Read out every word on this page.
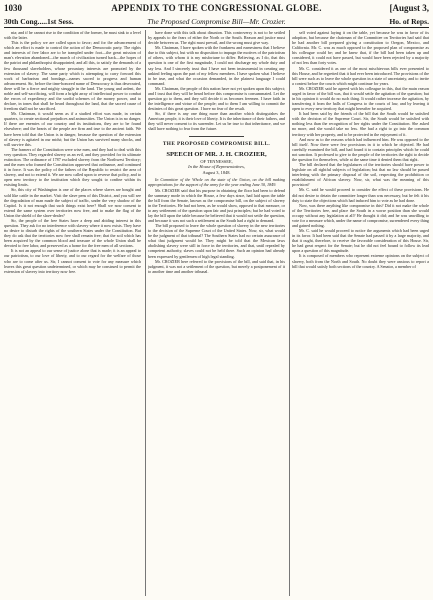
1030	APPENDIX TO THE CONGRESSIONAL GLOBE.	[August 3,
30th Cong.....1st Sess.	The Proposed Compromise Bill—Mr. Crozier.	Ho. of Reps.

nia; and if he cannot rise to the condition of the former, he must sink to a level with the latter.

This is the policy we are called upon to favor; and for the advancement of which an effort is made to control the action of the Democratic party. The rights and interests of free labor are to be trampled under foot—the great mission of man's elevation abandoned—the march of civilization turned back—the hopes of the patriot and philanthropist disappointed; and all this, to satisfy the demands of a few thousand slaveholders, whose pecuniary interests are promoted by the extension of slavery. The same party which is attempting to carry forward this work of barbarism and bondage—names sacred to progress and human advancement. Sir, before the time-honored name of Democracy is thus desecrated, there will be a fierce and mighty struggle in the land. The young and ardent, the noble and self-sacrificing, will form a bright array of intellectual power to combat the errors of expediency and the sordid schemes of the money power, and to declare, in tones that shall be heard throughout the land, that the sacred cause of freedom shall not be sacrificed.

Mr. Chairman, it would seem as if a studied effort was made, in certain quarters, to create sectional prejudices and animosities. The Union is in no danger. If there are enemies of our country and its institutions, they are to be found elsewhere; and the hearts of the people are firm and true to the ancient faith. We have been told that the Union is in danger, because the question of the extension of slavery is agitated in our midst; but the Union has survived many shocks, and will survive this.

The framers of the Constitution were wise men, and they had to deal with this very question. They regarded slavery as an evil, and they provided for its ultimate extinction. The ordinance of 1787 excluded slavery from the Northwest Territory; and the men who framed the Constitution approved that ordinance, and continued it in force. It was the policy of the fathers of the Republic to restrict the area of slavery, and not to extend it. We are now called upon to reverse that policy, and to open new territory to the institution which they sought to confine within its existing limits.

Sir, this city of Washington is one of the places where slaves are bought and sold like cattle in the market. Visit the slave pens of this District, and you will see the degradation of man made the subject of traffic, under the very shadow of the Capitol. Is it not enough that such things exist here? Shall we now consent to extend the same system over territories now free, and to make the flag of the Union the shield of the slave-dealer?

Sir, the people of the free States have a deep and abiding interest in this question. They ask for no interference with slavery where it now exists. They have no desire to disturb the rights of the southern States under the Constitution. But they do ask that the territories now free shall remain free; that the soil which has been acquired by the common blood and treasure of the whole Union shall be devoted to free labor, and preserved as a home for the free men of all sections.

It is not an appeal to our sense of justice alone that is made; it is an appeal to our patriotism, to our love of liberty, and to our regard for the welfare of those who are to come after us. Sir, I cannot consent to vote for any measure which leaves this great question undetermined, or which may be construed to permit the extension of slavery into territory now free.

have done with this talk about disunion. This controversy is not to be settled by appeals to the fears of either the North or the South. Reason and justice must decide between us. The right must prevail, and the wrong must give way.

Mr. Chairman, I have spoken with the frankness and earnestness that I believe due to this subject, but with no disposition to impugn the motives of the patriotism of others, with whom it is my misfortune to differ. Believing, as I do, that this question is one of the first magnitude, I could not discharge my whole duty and say less. And I sincerely trust that I have not been instrumental in creating any unkind feeling upon the part of my fellow members. I have spoken what I believe to be true, and what the occasion demanded, in the plainest language I could command.

Mr. Chairman, the people of this nation have not yet spoken upon this subject; and I trust that they will be heard before this compromise is consummated. Let the question go to them, and they will decide it as becomes freemen. I have faith in the intelligence and virtue of the people; and to them I am willing to commit the destinies of this great question. I have no fear of the result.

Sir, if there is any one thing more than another which distinguishes the American people, it is their love of liberty. It is the inheritance of their fathers, and they will never consent to its surrender. Let us be true to that inheritance, and we shall have nothing to fear from the future.

THE PROPOSED COMPROMISE BILL.
SPEECH OF MR. J. H. CROZIER,
OF TENNESSEE,
In the House of Representatives,
August 3, 1848.

In Committee of the Whole on the state of the Union, on the bill making appropriations for the support of the army for the year ending June 30, 1849.

Mr. CROZIER said that his purpose in obtaining the floor had been to defend the summary mode in which the House, a few days since, had laid upon the table the bill from the Senate, known as the compromise bill, on the subject of slavery in the Territories. He had not been, as he would show, opposed to that measure, or to any settlement of the question upon fair and just principles; but he had voted to lay the bill upon the table because he believed that it would not settle the question, and because it was not such a settlement as the South had a right to demand.

The bill proposed to leave the whole question of slavery in the new territories to the decision of the Supreme Court of the United States. Now, sir, what would be the judgment of that tribunal? The Southern States had no certain assurance of what that judgment would be. They might be told that the Mexican laws abolishing slavery were still in force in the territories, and that, until repealed by competent authority, slaves could not be held there. Such an opinion had already been expressed by gentlemen of high legal standing.

Mr. CROZIER here referred to the provisions of the bill, and said that, in his judgment, it was not a settlement of the question, but merely a postponement of it to another time and another tribunal.

self voted against laying it on the table, yet because he was in favor of its adoption, but because the chairman of the Committee on Territories had said that he had another bill prepared giving a constitution to Oregon, Mexico, and California. Mr. C. was as much opposed to the proposed plan of compromise as his colleague could be; and he knew that, if the bill had been taken up and considered, it could not have passed, but would have been rejected by a majority of not less than forty votes.

Mr. C. considered it as one of the most mischievous bills ever presented to this House, and he regretted that it had ever been introduced. The provisions of the bill were such as to leave the whole question in a state of uncertainty, and to invite a contest before the courts which might continue for years.

Mr. CROZIER said he agreed with his colleague in this, that the main reason urged in favor of the bill was, that it would settle the agitation of the question; but in his opinion it would do no such thing. It would rather increase the agitation, by transferring it from the halls of Congress to the courts of law, and by leaving it open to every new territory that might hereafter be acquired.

It had been said by the friends of the bill that the South would be satisfied with the decision of the Supreme Court. Sir, the South would be satisfied with nothing less than the recognition of her rights under the Constitution. She asked no more, and she would take no less. She had a right to go into the common territory with her property, and to be protected in the enjoyment of it.

And now as to the reasons which had influenced him. He was opposed to the bill itself. Now there were few provisions in it to which he objected. He had carefully examined the bill, and had found it to contain principles which he could not sanction. It professed to give to the people of the territories the right to decide the question for themselves, while at the same time it denied them that right.

The bill declared that the legislatures of the territories should have power to legislate on all rightful subjects of legislation; but that no law should be passed interfering with the primary disposal of the soil, respecting the prohibition or establishment of African slavery. Now, sir, what was the meaning of this provision?

Mr. C. said he would proceed to consider the effect of these provisions. He did not desire to detain the committee longer than was necessary, but he felt it his duty to state the objections which had induced him to vote as he had done.

Now, was there anything like compromise in this? Did it not make the whole of the Territories free, and place the South in a worse position than she would occupy without any legislation at all? He thought it did; and he was unwilling to vote for a measure which, under the name of compromise, surrendered every thing and gained nothing.

Mr. C. said he would proceed to notice the arguments which had been urged in its favor. It had been said that the Senate had passed it by a large majority, and that it ought, therefore, to receive the favorable consideration of this House. Sir, he had great respect for the Senate; but he did not feel bound to follow its lead upon a question of this magnitude.

It is composed of members who represent extreme opinions on the subject of slavery, both from the North and South. No doubt they were anxious to report a bill that would satisfy both sections of the country. A Senator, a member of
